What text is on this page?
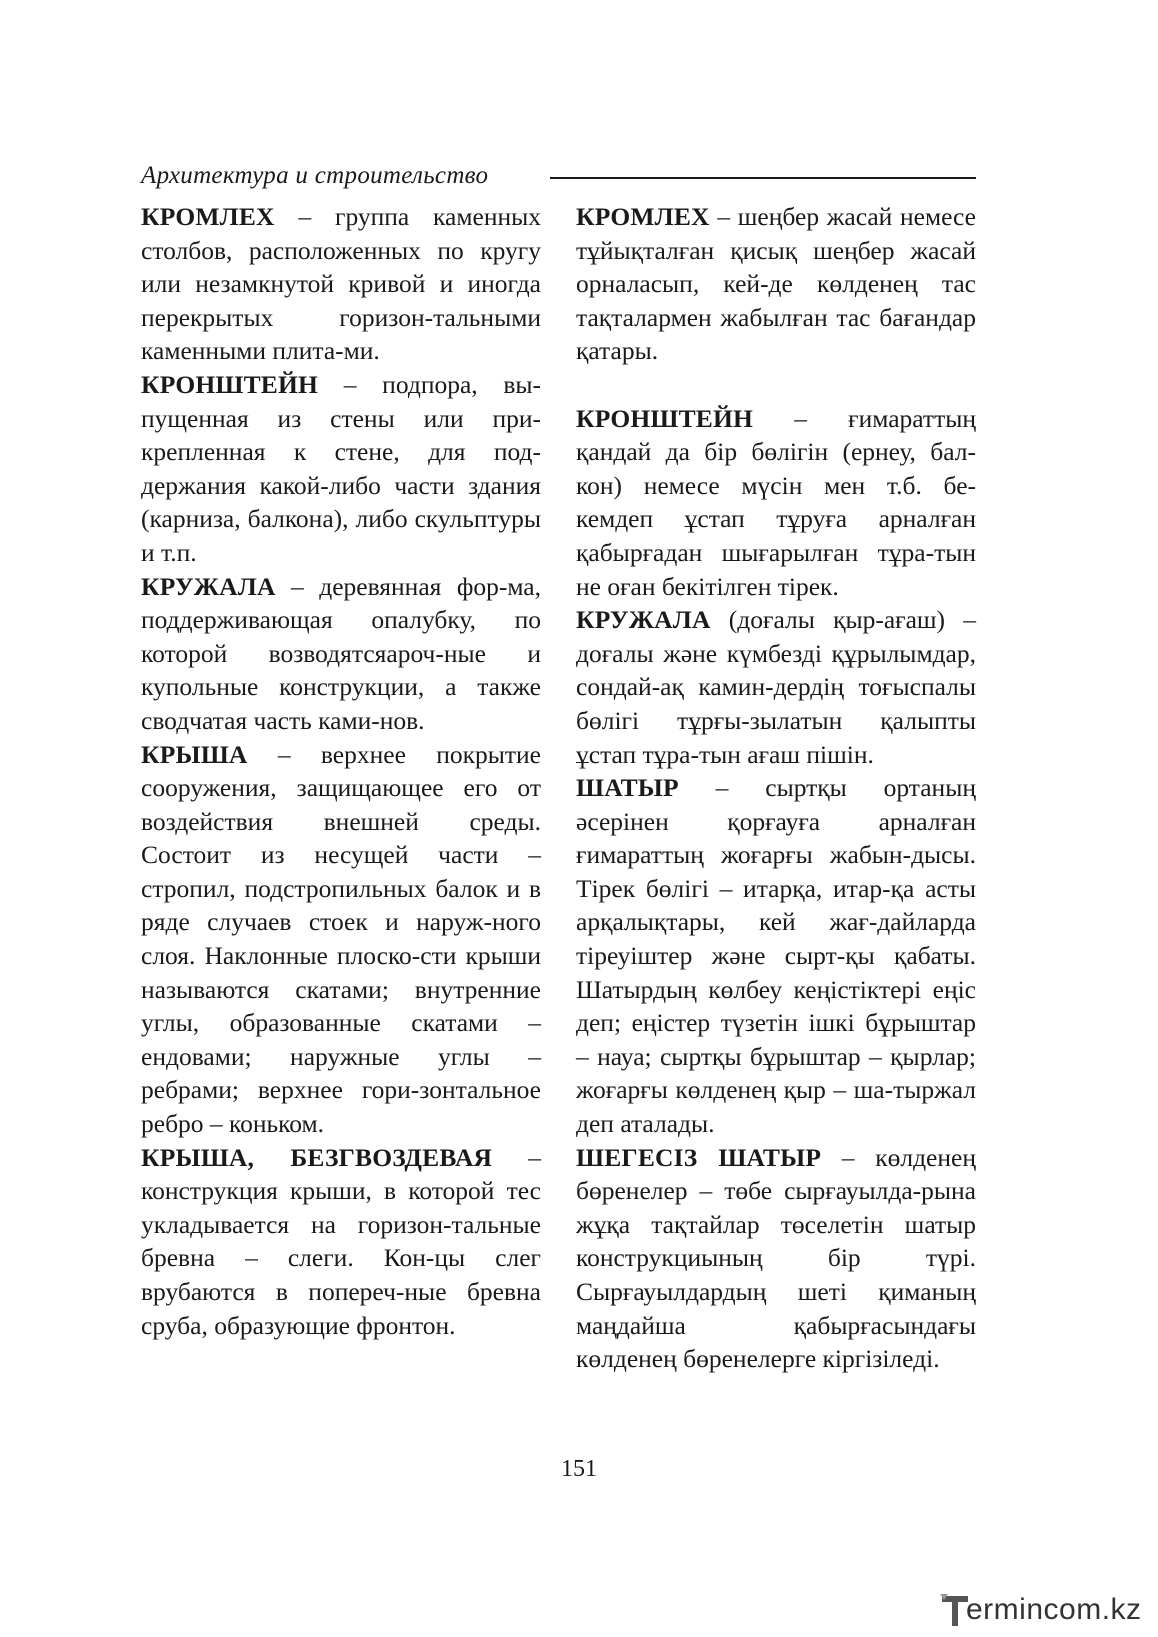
Архитектура и строительство

КРОМЛЕХ – группа каменных столбов, расположенных по кругу или незамкнутой кривой и иногда перекрытых горизон-тальными каменными плита-ми.

КРОНШТЕЙН – подпора, вы-пущенная из стены или при-крепленная к стене, для под-держания какой-либо части здания (карниза, балкона), либо скульптуры и т.п.

КРУЖАЛА – деревянная фор-ма, поддерживающая опалубку, по которой возводятсяароч-ные и купольные конструкции, а также сводчатая часть ками-нов.

КРЫША – верхнее покрытие сооружения, защищающее его от воздействия внешней среды. Состоит из несущей части – стропил, подстропильных балок и в ряде случаев стоек и наруж-ного слоя. Наклонные плоско-сти крыши называются скатами; внутренние углы, образованные скатами – ендовами; наружные углы – ребрами; верхнее гори-зонтальное ребро – коньком.

КРЫША, БЕЗГВОЗДЕВАЯ – конструкция крыши, в которой тес укладывается на горизон-тальные бревна – слеги. Кон-цы слег врубаются в попереч-ные бревна сруба, образующие фронтон.

КРОМЛЕХ – шеңбер жасай немесе тұйықталған қисық шеңбер жасай орналасып, кей-де көлденең тас тақталармен жабылған тас бағандар қатары.

КРОНШТЕЙН – ғимараттың қандай да бір бөлігін (ернеу, бал-кон) немесе мүсін мен т.б. бе-кемдеп ұстап тұруға арналған қабырғадан шығарылған тұра-тын не оған бекітілген тірек.

КРУЖАЛА (доғалы қыр-ағаш) – доғалы және күмбезді құрылымдар, сондай-ақ камин-дердің тоғыспалы бөлігі тұрғы-зылатын қалыпты ұстап тұра-тын ағаш пішін.

ШАТЫР – сыртқы ортаның әсерінен қорғауға арналған ғимараттың жоғарғы жабын-дысы. Тірек бөлігі – итарқа, итар-қа асты арқалықтары, кей жағ-дайларда тіреуіштер және сырт-қы қабаты. Шатырдың көлбеу кеңістіктері еңіс деп; еңістер түзетін ішкі бұрыштар – науа; сыртқы бұрыштар – қырлар; жоғарғы көлденең қыр – ша-тыржал деп аталады.

ШЕГЕСІЗ ШАТЫР – көлденең бөренелер – төбе сырғауылда-рына жұқа тақтайлар төселетін шатыр конструкциының бір түрі. Сырғауылдардың шеті қиманың маңдайша қабырғасындағы көлденең бөренелерге кіргізіледі.

151
ermincom.kz
